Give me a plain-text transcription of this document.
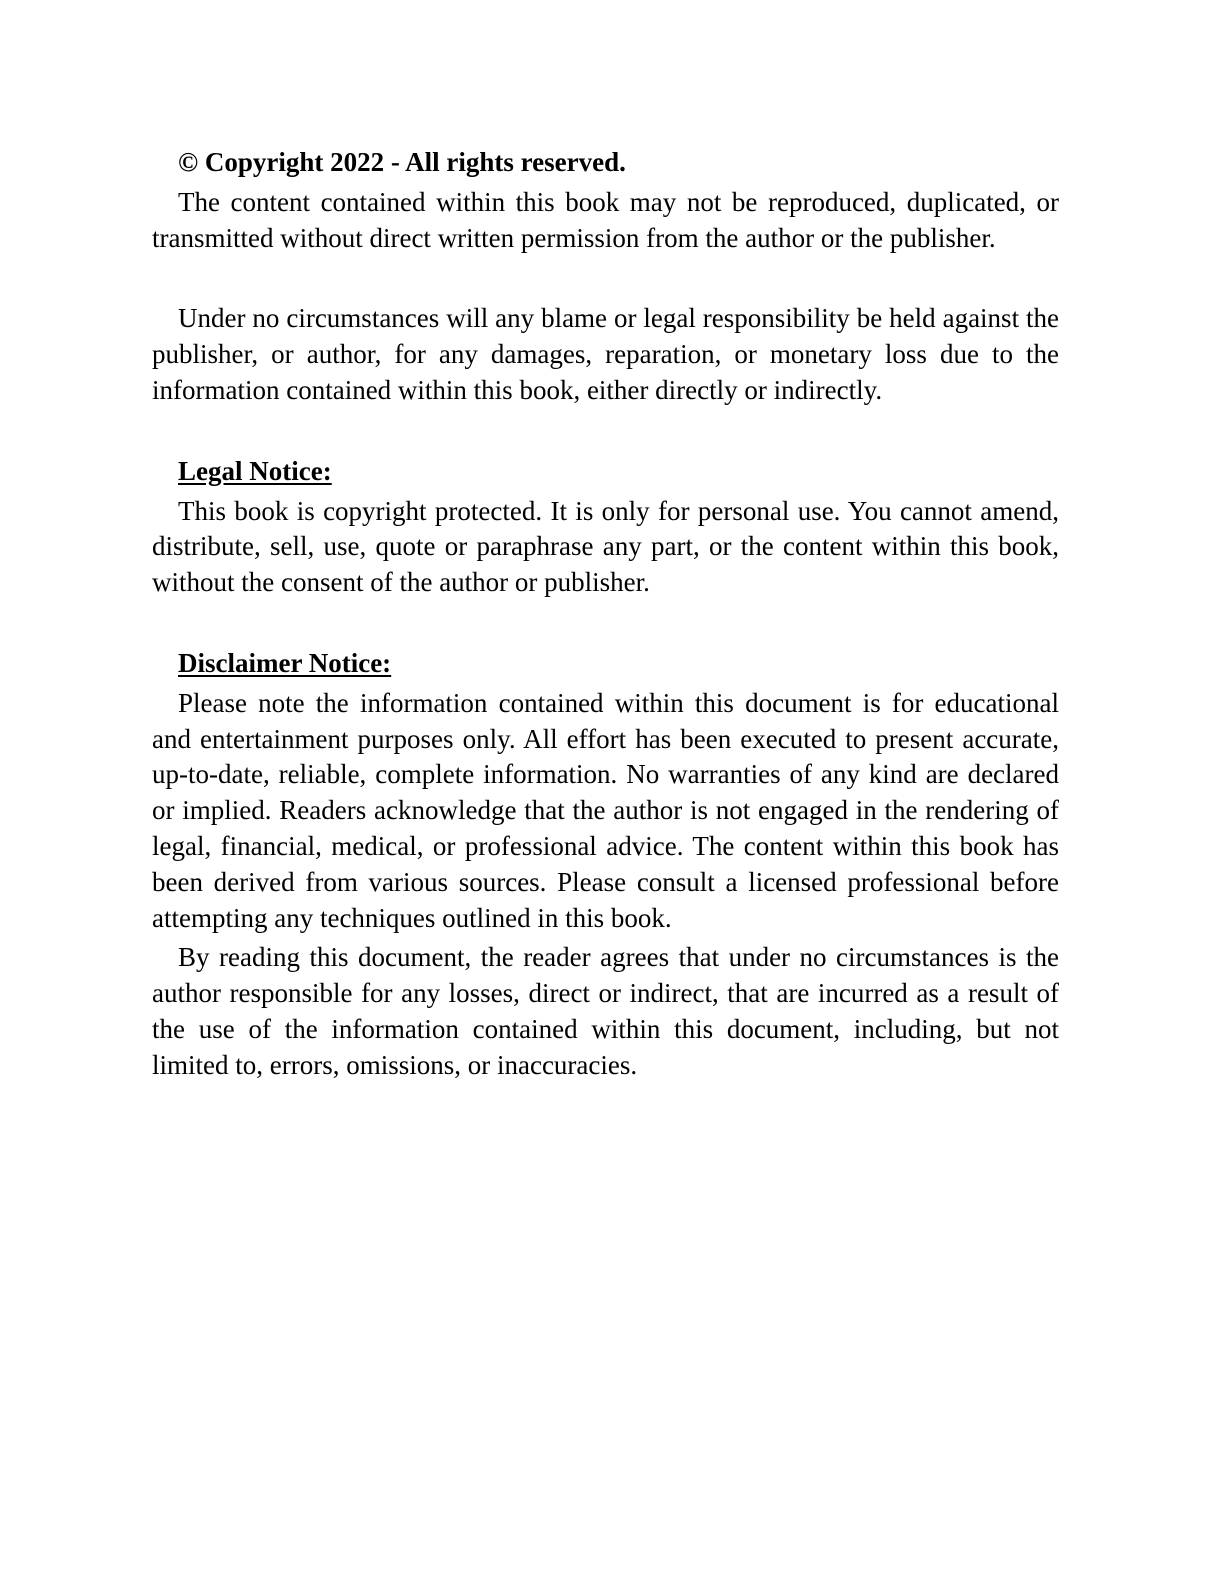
© Copyright 2022 - All rights reserved.

The content contained within this book may not be reproduced, duplicated, or transmitted without direct written permission from the author or the publisher.

Under no circumstances will any blame or legal responsibility be held against the publisher, or author, for any damages, reparation, or monetary loss due to the information contained within this book, either directly or indirectly.

Legal Notice:

This book is copyright protected. It is only for personal use. You cannot amend, distribute, sell, use, quote or paraphrase any part, or the content within this book, without the consent of the author or publisher.

Disclaimer Notice:

Please note the information contained within this document is for educational and entertainment purposes only. All effort has been executed to present accurate, up-to-date, reliable, complete information. No warranties of any kind are declared or implied. Readers acknowledge that the author is not engaged in the rendering of legal, financial, medical, or professional advice. The content within this book has been derived from various sources. Please consult a licensed professional before attempting any techniques outlined in this book.

By reading this document, the reader agrees that under no circumstances is the author responsible for any losses, direct or indirect, that are incurred as a result of the use of the information contained within this document, including, but not limited to, errors, omissions, or inaccuracies.
